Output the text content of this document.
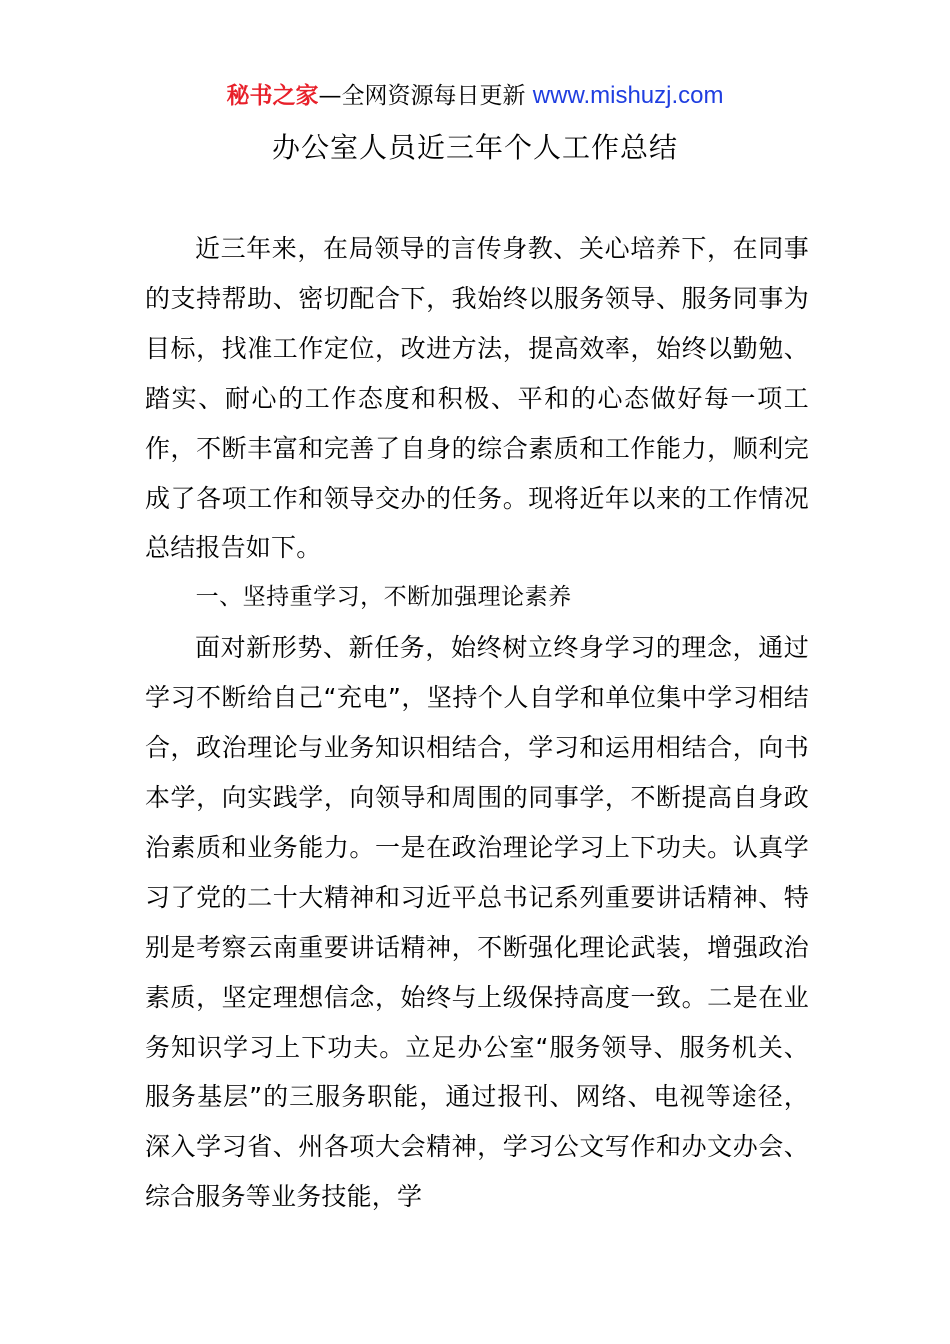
秘书之家—全网资源每日更新 www.mishuzj.com
办公室人员近三年个人工作总结

近三年来，在局领导的言传身教、关心培养下，在同事的支持帮助、密切配合下，我始终以服务领导、服务同事为目标，找准工作定位，改进方法，提高效率，始终以勤勉、踏实、耐心的工作态度和积极、平和的心态做好每一项工作，不断丰富和完善了自身的综合素质和工作能力，顺利完成了各项工作和领导交办的任务。现将近年以来的工作情况总结报告如下。

一、坚持重学习，不断加强理论素养

面对新形势、新任务，始终树立终身学习的理念，通过学习不断给自己“充电”，坚持个人自学和单位集中学习相结合，政治理论与业务知识相结合，学习和运用相结合，向书本学，向实践学，向领导和周围的同事学，不断提高自身政治素质和业务能力。一是在政治理论学习上下功夫。认真学习了党的二十大精神和习近平总书记系列重要讲话精神、特别是考察云南重要讲话精神，不断强化理论武装，增强政治素质，坚定理想信念，始终与上级保持高度一致。二是在业务知识学习上下功夫。立足办公室“服务领导、服务机关、服务基层”的三服务职能，通过报刊、网络、电视等途径，深入学习省、州各项大会精神，学习公文写作和办文办会、综合服务等业务技能，学
